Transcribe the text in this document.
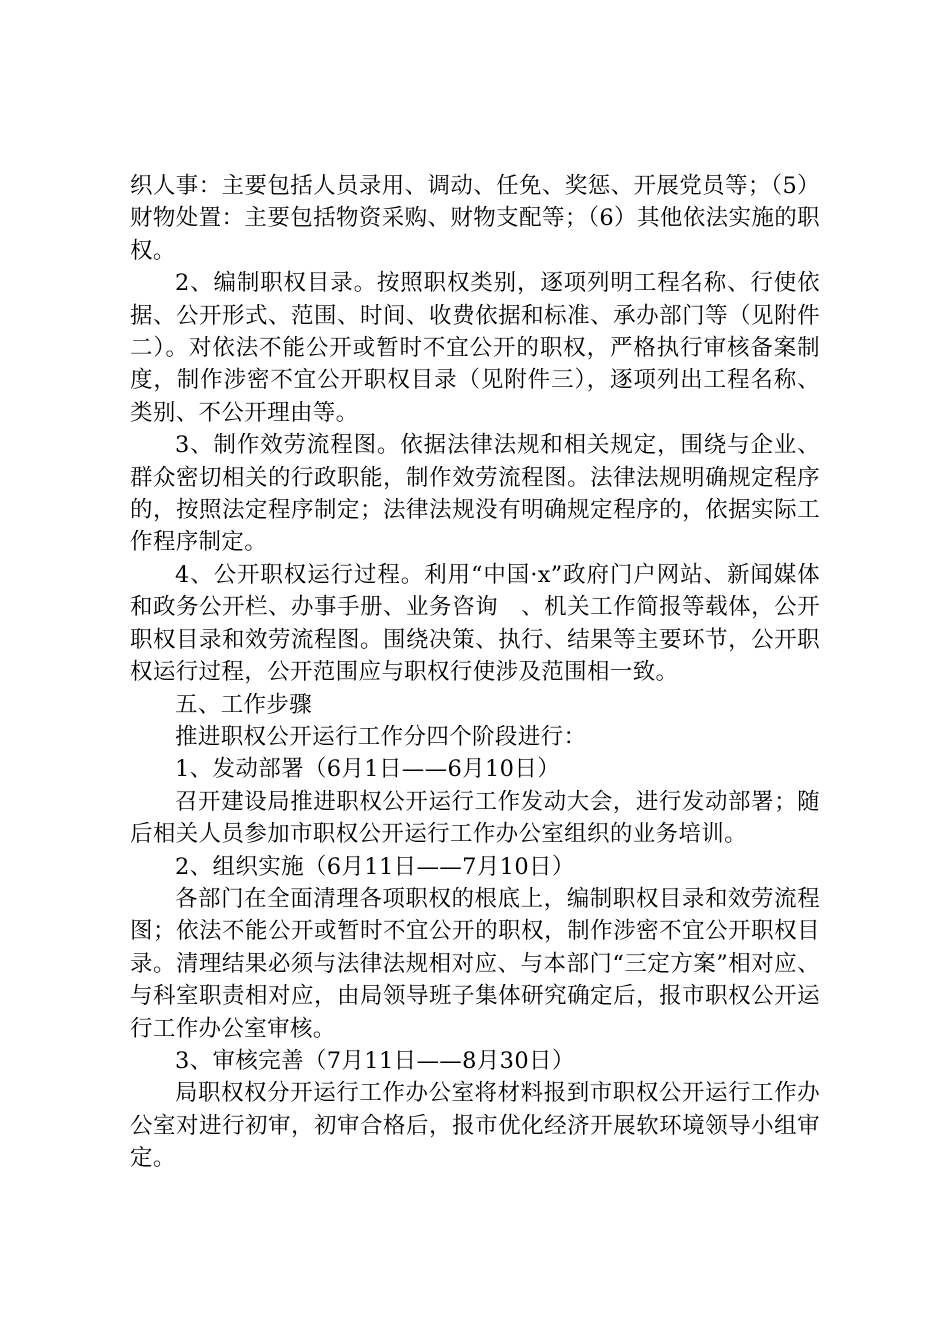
织人事：主要包括人员录用、调动、任免、奖惩、开展党员等；（5）财物处置：主要包括物资采购、财物支配等；（6）其他依法实施的职权。

2、编制职权目录。按照职权类别，逐项列明工程名称、行使依据、公开形式、范围、时间、收费依据和标准、承办部门等（见附件二）。对依法不能公开或暂时不宜公开的职权，严格执行审核备案制度，制作涉密不宜公开职权目录（见附件三），逐项列出工程名称、类别、不公开理由等。

3、制作效劳流程图。依据法律法规和相关规定，围绕与企业、群众密切相关的行政职能，制作效劳流程图。法律法规明确规定程序的，按照法定程序制定；法律法规没有明确规定程序的，依据实际工作程序制定。

4、公开职权运行过程。利用“中国·x”政府门户网站、新闻媒体和政务公开栏、办事手册、业务咨询　、机关工作简报等载体，公开职权目录和效劳流程图。围绕决策、执行、结果等主要环节，公开职权运行过程，公开范围应与职权行使涉及范围相一致。

五、工作步骤

推进职权公开运行工作分四个阶段进行：

1、发动部署（6月1日——6月10日）

召开建设局推进职权公开运行工作发动大会，进行发动部署；随后相关人员参加市职权公开运行工作办公室组织的业务培训。

2、组织实施（6月11日——7月10日）

各部门在全面清理各项职权的根底上，编制职权目录和效劳流程图；依法不能公开或暂时不宜公开的职权，制作涉密不宜公开职权目录。清理结果必须与法律法规相对应、与本部门“三定方案”相对应、与科室职责相对应，由局领导班子集体研究确定后，报市职权公开运行工作办公室审核。

3、审核完善（7月11日——8月30日）

局职权权分开运行工作办公室将材料报到市职权公开运行工作办公室对进行初审，初审合格后，报市优化经济开展软环境领导小组审定。
